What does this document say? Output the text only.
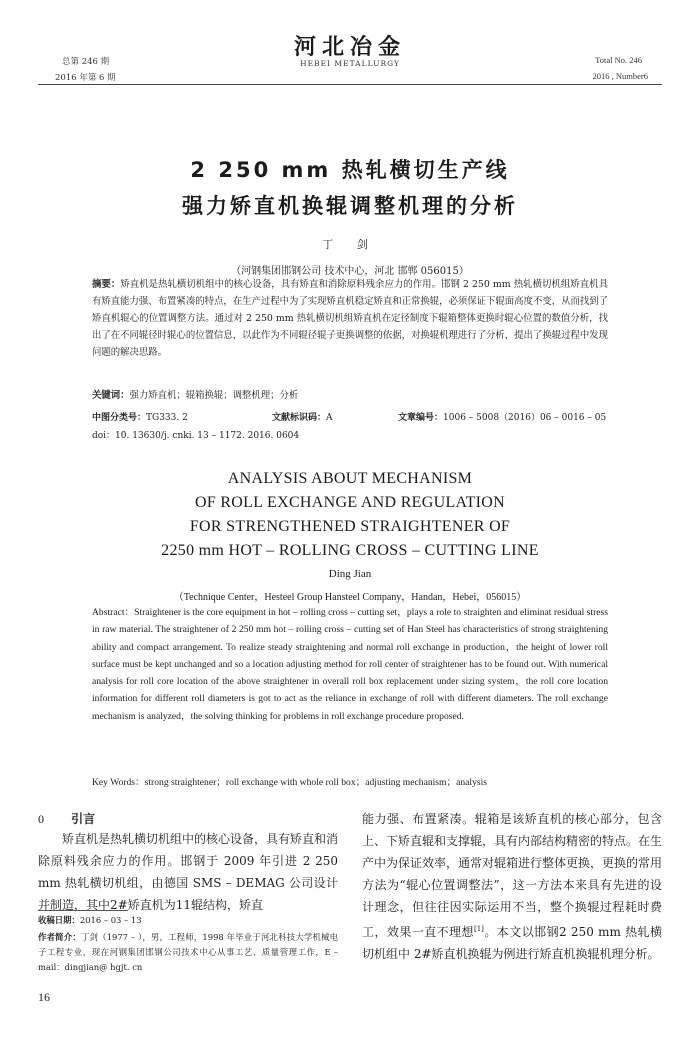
总第 246 期
2016 年第 6 期
河北冶金
HEBEI METALLURGY	Total No. 246
2016 , Number6
2 250 mm 热轧横切生产线
强力矫直机换辊调整机理的分析
丁 剑
（河钢集团邯钢公司 技术中心，河北 邯郸 056015）
摘要：矫直机是热轧横切机组中的核心设备，具有矫直和消除原料残余应力的作用。邯钢 2 250 mm 热轧横切机组矫直机具有矫直能力强、布置紧凑的特点，在生产过程中为了实现矫直机稳定矫直和正常换辊，必须保证下辊面高度不变，从而找到了矫直机辊心的位置调整方法。通过对 2 250 mm 热轧横切机组矫直机在定径制度下辊箱整体更换时辊心位置的数值分析，找出了在不同辊径时辊心的位置信息，以此作为不同辊径辊子更换调整的依据，对换辊机理进行了分析，提出了换辊过程中发现问题的解决思路。
关键词：强力矫直机；辊箱换辊；调整机理；分析
中图分类号：TG333. 2	文献标识码：A	文章编号：1006 – 5008（2016）06 – 0016 – 05
doi：10. 13630/j. cnki. 13 – 1172. 2016. 0604
ANALYSIS ABOUT MECHANISM
OF ROLL EXCHANGE AND REGULATION
FOR STRENGTHENED STRAIGHTENER OF
2250 mm HOT – ROLLING CROSS – CUTTING LINE
Ding Jian
（Technique Center，Hesteel Group Hansteel Company，Handan，Hebei，056015）
Abstract：Straightener is the core equipment in hot – rolling cross – cutting set，plays a role to straighten and eliminat residual stress in raw material. The straightener of 2 250 mm hot – rolling cross – cutting set of Han Steel has characteristics of strong straightening ability and compact arrangement. To realize steady straightening and normal roll exchange in production，the height of lower roll surface must be kept unchanged and so a location adjusting method for roll center of straightener has to be found out. With numerical analysis for roll core location of the above straightener in overall roll box replacement under sizing system，the roll core location information for different roll diameters is got to act as the reliance in exchange of roll with different diameters. The roll exchange mechanism is analyzed，the solving thinking for problems in roll exchange procedure proposed.
Key Words：strong straightener；roll exchange with whole roll box；adjusting mechanism；analysis
0 引言
矫直机是热轧横切机组中的核心设备，具有矫直和消除原料残余应力的作用。邯钢于 2009 年引进 2 250 mm 热轧横切机组，由德国 SMS – DEMAG 公司设计并制造，其中2#矫直机为11辊结构，矫直
能力强、布置紧凑。辊箱是该矫直机的核心部分，包含上、下矫直辊和支撑辊，具有内部结构精密的特点。在生产中为保证效率，通常对辊箱进行整体更换，更换的常用方法为“辊心位置调整法”，这一方法本来具有先进的设计理念，但往往因实际运用不当，整个换辊过程耗时费工，效果一直不理想[1]。本文以邯钢2 250 mm 热轧横切机组中 2#矫直机换辊为例进行矫直机换辊机理分析。
收稿日期：2016 – 03 – 13
作者简介：丁剑（1977 – ），男，工程师，1998 年毕业于河北科技大学机械电子工程专业，现在河钢集团邯钢公司技术中心从事工艺、质量管理工作，E – mail：dingjian@ hgjt. cn
16
